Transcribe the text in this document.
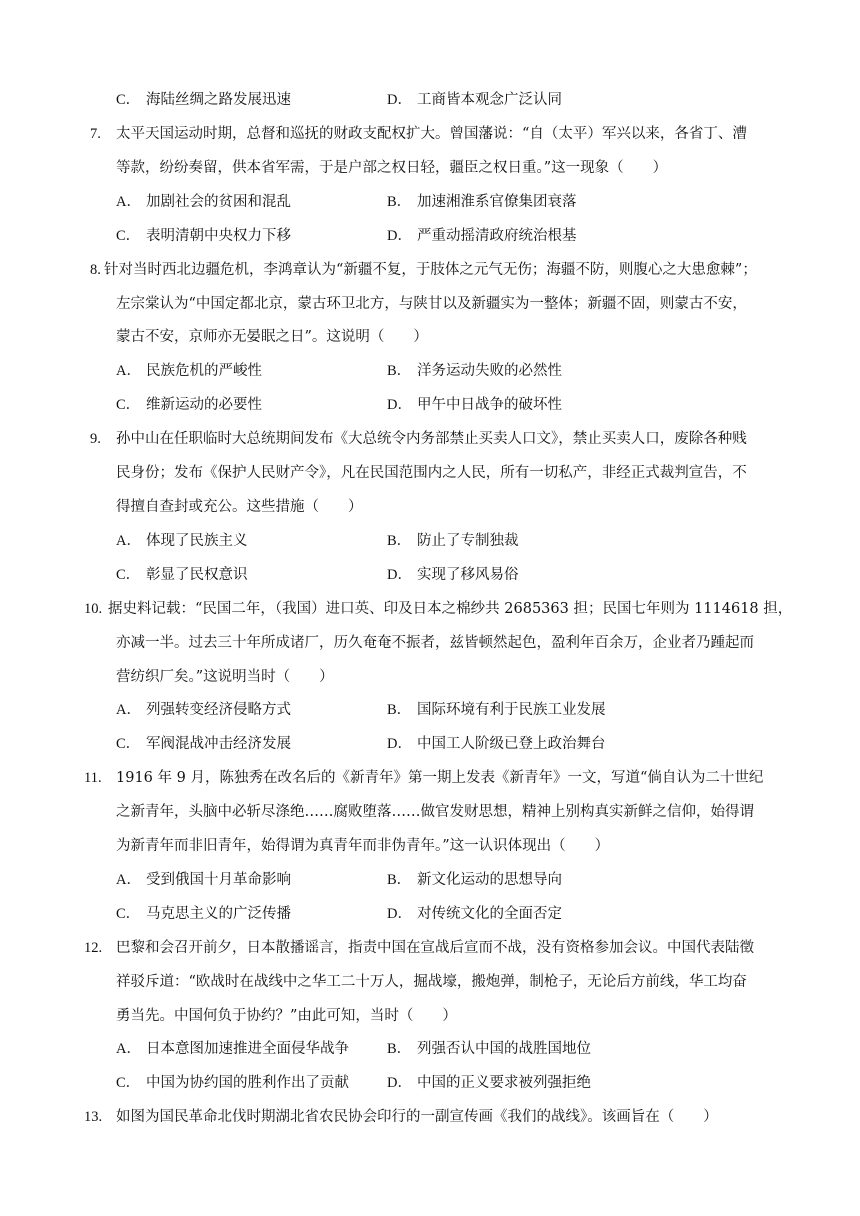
C． 海陆丝绸之路发展迅速	D． 工商皆本观念广泛认同
7. 太平天国运动时期，总督和巡抚的财政支配权扩大。曾国藩说：“自（太平）军兴以来，各省丁、漕
等款，纷纷奏留，供本省军需，于是户部之权日轻，疆臣之权日重。”这一现象（　　）
A． 加剧社会的贫困和混乱	B． 加速湘淮系官僚集团衰落
C． 表明清朝中央权力下移	D． 严重动摇清政府统治根基
8. 针对当时西北边疆危机，李鸿章认为“新疆不复，于肢体之元气无伤；海疆不防，则腹心之大患愈棘”；
左宗棠认为“中国定都北京，蒙古环卫北方，与陕甘以及新疆实为一整体；新疆不固，则蒙古不安，
蒙古不安，京师亦无晏眠之日”。这说明（　　）
A． 民族危机的严峻性	B． 洋务运动失败的必然性
C． 维新运动的必要性	D． 甲午中日战争的破坏性
9. 孙中山在任职临时大总统期间发布《大总统令内务部禁止买卖人口文》，禁止买卖人口，废除各种贱
民身份；发布《保护人民财产令》，凡在民国范围内之人民，所有一切私产，非经正式裁判宣告，不
得擅自查封或充公。这些措施（　　）
A． 体现了民族主义	B． 防止了专制独裁
C． 彰显了民权意识	D． 实现了移风易俗
10. 据史料记载：“民国二年，（我国）进口英、印及日本之棉纱共 2685363 担；民国七年则为 1114618 担，
亦减一半。过去三十年所成诸厂，历久奄奄不振者，兹皆顿然起色，盈利年百余万，企业者乃踵起而
营纺织厂矣。”这说明当时（　　）
A． 列强转变经济侵略方式	B． 国际环境有利于民族工业发展
C． 军阀混战冲击经济发展	D． 中国工人阶级已登上政治舞台
11. 1916 年 9 月，陈独秀在改名后的《新青年》第一期上发表《新青年》一文，写道“倘自认为二十世纪
之新青年，头脑中必斩尽涤绝……腐败堕落……做官发财思想，精神上别构真实新鲜之信仰，始得谓
为新青年而非旧青年，始得谓为真青年而非伪青年。”这一认识体现出（　　）
A． 受到俄国十月革命影响	B． 新文化运动的思想导向
C． 马克思主义的广泛传播	D． 对传统文化的全面否定
12. 巴黎和会召开前夕，日本散播谣言，指责中国在宣战后宣而不战，没有资格参加会议。中国代表陆徵
祥驳斥道：“欧战时在战线中之华工二十万人，掘战壕，搬炮弹，制枪子，无论后方前线，华工均奋
勇当先。中国何负于协约？”由此可知，当时（　　）
A． 日本意图加速推进全面侵华战争	B． 列强否认中国的战胜国地位
C． 中国为协约国的胜利作出了贡献	D． 中国的正义要求被列强拒绝
13. 如图为国民革命北伐时期湖北省农民协会印行的一副宣传画《我们的战线》。该画旨在（　　）
